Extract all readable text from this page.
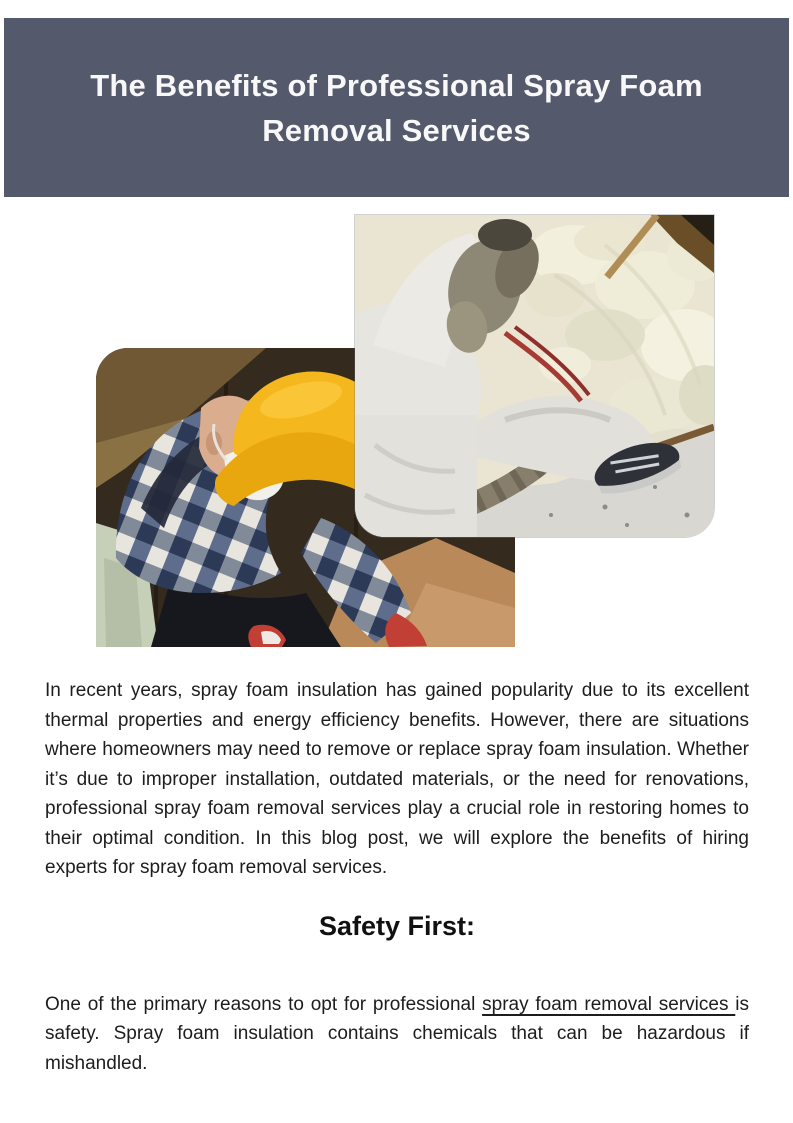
The Benefits of Professional Spray Foam
Removal Services

In recent years, spray foam insulation has gained popularity due to its excellent thermal properties and energy efficiency benefits. However, there are situations where homeowners may need to remove or replace spray foam insulation. Whether it’s due to improper installation, outdated materials, or the need for renovations, professional spray foam removal services play a crucial role in restoring homes to their optimal condition. In this blog post, we will explore the benefits of hiring experts for spray foam removal services.

Safety First:

One of the primary reasons to opt for professional spray foam removal services is safety. Spray foam insulation contains chemicals that can be hazardous if mishandled.
